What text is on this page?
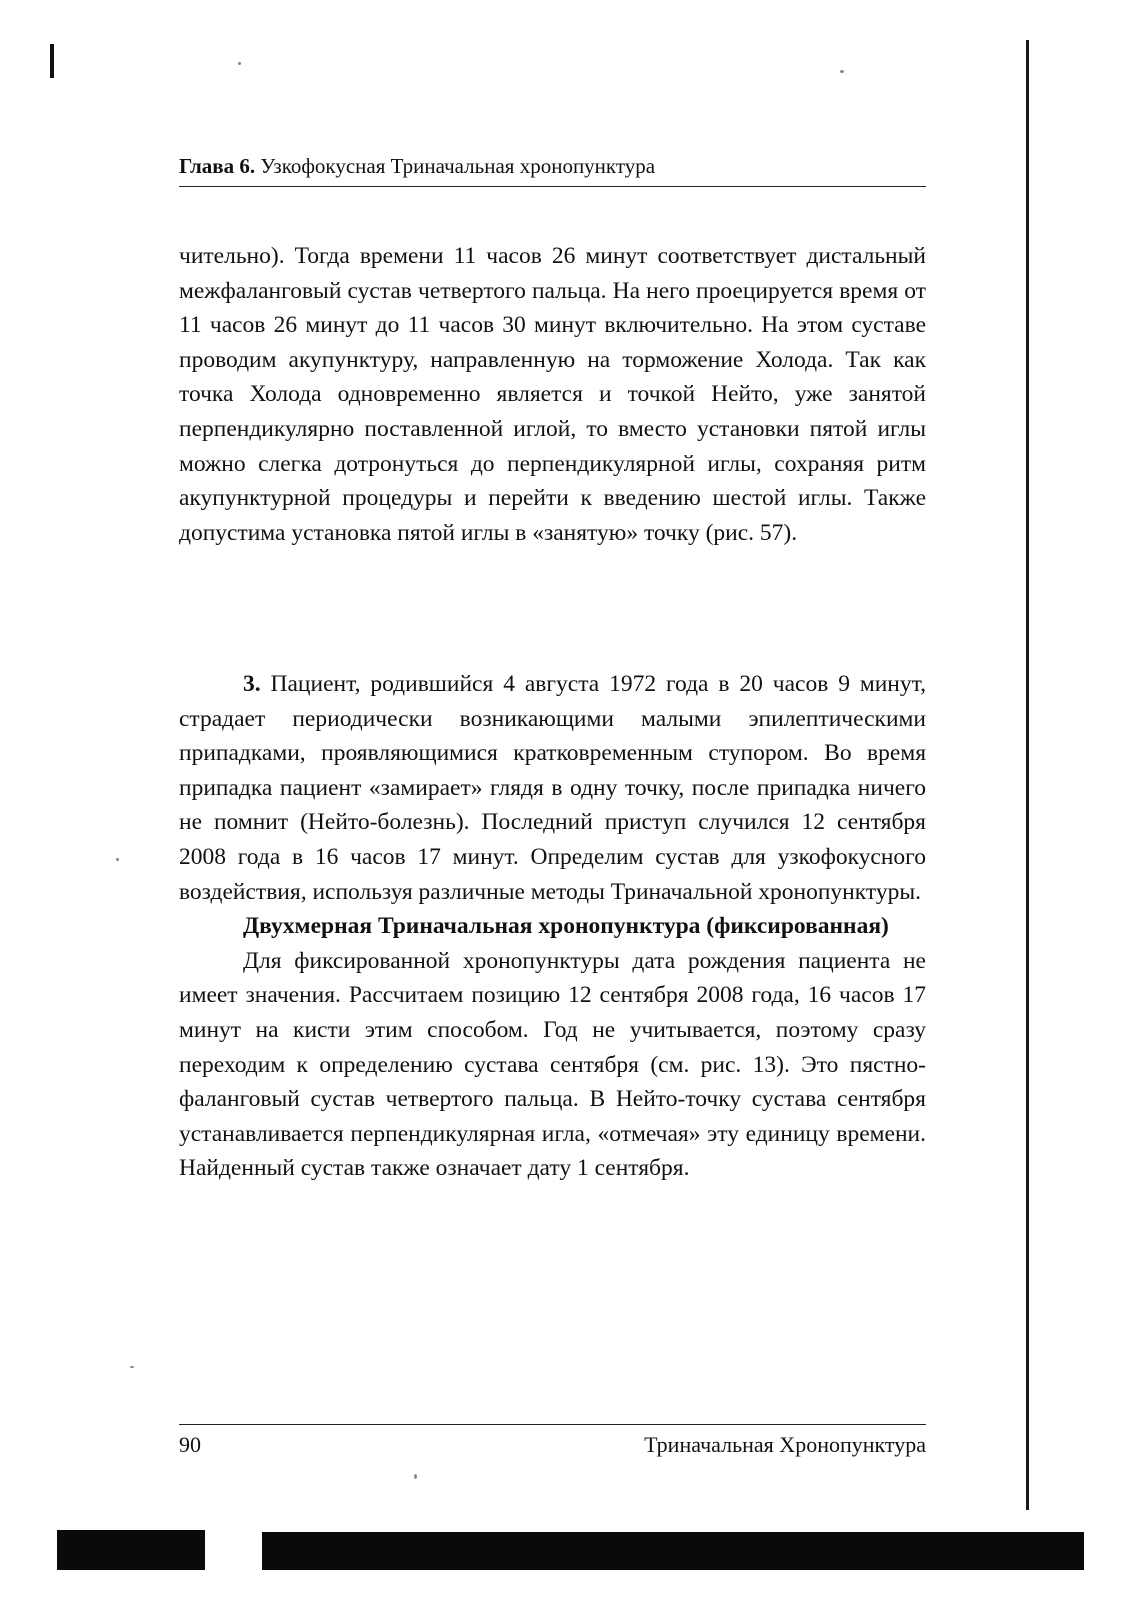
Глава 6. Узкофокусная Триначальная хронопунктура

чительно). Тогда времени 11 часов 26 минут соответствует дистальный межфаланговый сустав четвертого пальца. На него проецируется время от 11 часов 26 минут до 11 часов 30 минут включительно. На этом суставе проводим акупунктуру, направленную на торможение Холода. Так как точка Холода одновременно является и точкой Нейто, уже занятой перпендикулярно поставленной иглой, то вместо установки пятой иглы можно слегка дотронуться до перпендикулярной иглы, сохраняя ритм акупунктурной процедуры и перейти к введению шестой иглы. Также допустима установка пятой иглы в «занятую» точку (рис. 57).

3. Пациент, родившийся 4 августа 1972 года в 20 часов 9 минут, страдает периодически возникающими малыми эпилептическими припадками, проявляющимися кратковременным ступором. Во время припадка пациент «замирает» глядя в одну точку, после припадка ничего не помнит (Нейто-болезнь). Последний приступ случился 12 сентября 2008 года в 16 часов 17 минут. Определим сустав для узкофокусного воздействия, используя различные методы Триначальной хронопунктуры.

Двухмерная Триначальная хронопунктура (фиксированная)

Для фиксированной хронопунктуры дата рождения пациента не имеет значения. Рассчитаем позицию 12 сентября 2008 года, 16 часов 17 минут на кисти этим способом. Год не учитывается, поэтому сразу переходим к определению сустава сентября (см. рис. 13). Это пястно-фаланговый сустав четвертого пальца. В Нейто-точку сустава сентября устанавливается перпендикулярная игла, «отмечая» эту единицу времени. Найденный сустав также означает дату 1 сентября.

90	Триначальная Хронопунктура
